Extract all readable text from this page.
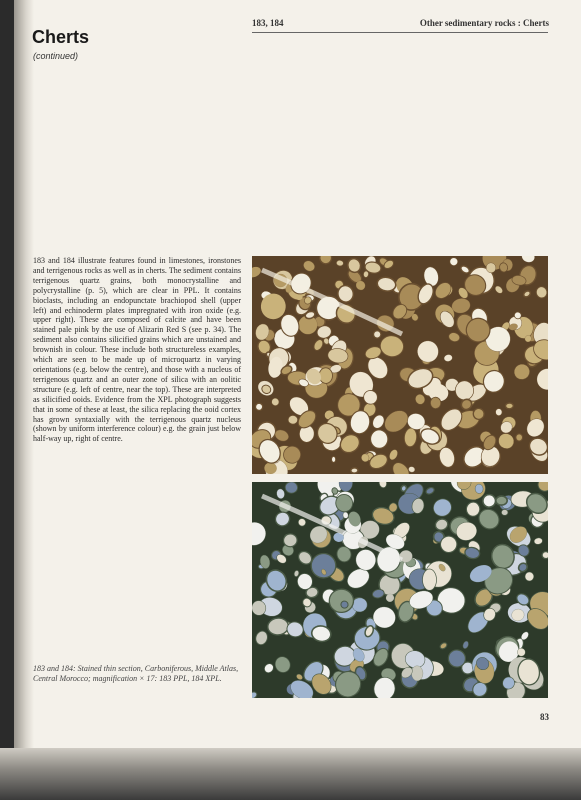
183, 184	Other sedimentary rocks : Cherts
Cherts
(continued)

183 and 184 illustrate features found in limestones, ironstones and terrigenous rocks as well as in cherts. The sediment contains terrigenous quartz grains, both monocrystalline and polycrystalline (p. 5), which are clear in PPL. It contains bioclasts, including an endopunctate brachiopod shell (upper left) and echinoderm plates impregnated with iron oxide (e.g. upper right). These are composed of calcite and have been stained pale pink by the use of Alizarin Red S (see p. 34). The sediment also contains silicified grains which are unstained and brownish in colour. These include both structureless examples, which are seen to be made up of microquartz in varying orientations (e.g. below the centre), and those with a nucleus of terrigenous quartz and an outer zone of silica with an oolitic structure (e.g. left of centre, near the top). These are interpreted as silicified ooids. Evidence from the XPL photograph suggests that in some of these at least, the silica replacing the ooid cortex has grown syntaxially with the terrigenous quartz nucleus (shown by uniform interference colour) e.g. the grain just below half-way up, right of centre.

183 and 184: Stained thin section, Carboniferous, Middle Atlas, Central Morocco; magnification × 17: 183 PPL, 184 XPL.

83
